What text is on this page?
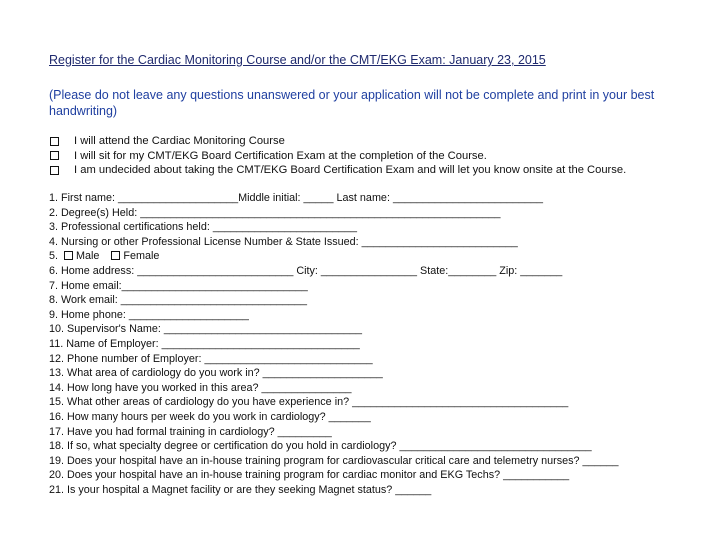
Register for the Cardiac Monitoring Course and/or the CMT/EKG Exam: January 23, 2015
(Please do not leave any questions unanswered or your application will not be complete and print in your best handwriting)
I will attend the Cardiac Monitoring Course
I will sit for my CMT/EKG Board Certification Exam at the completion of the Course.
I am undecided about taking the CMT/EKG Board Certification Exam and will let you know onsite at the Course.
1. First name: ____________________Middle initial: _____ Last name: _________________________
2. Degree(s) Held: ____________________________________________________________
3. Professional certifications held: ________________________
4. Nursing or other Professional License Number & State Issued: __________________________
5. Male Female
6. Home address: __________________________ City: ________________ State:________ Zip: _______
7. Home email:_______________________________
8. Work email: _______________________________
9. Home phone: ____________________
10. Supervisor's Name: _________________________________
11. Name of Employer: _________________________________
12. Phone number of Employer: ____________________________
13. What area of cardiology do you work in? ____________________
14. How long have you worked in this area? _______________
15. What other areas of cardiology do you have experience in? ____________________________________
16. How many hours per week do you work in cardiology? _______
17. Have you had formal training in cardiology? _________
18. If so, what specialty degree or certification do you hold in cardiology? ________________________________
19. Does your hospital have an in-house training program for cardiovascular critical care and telemetry nurses? ______
20. Does your hospital have an in-house training program for cardiac monitor and EKG Techs? ___________
21. Is your hospital a Magnet facility or are they seeking Magnet status? ______
